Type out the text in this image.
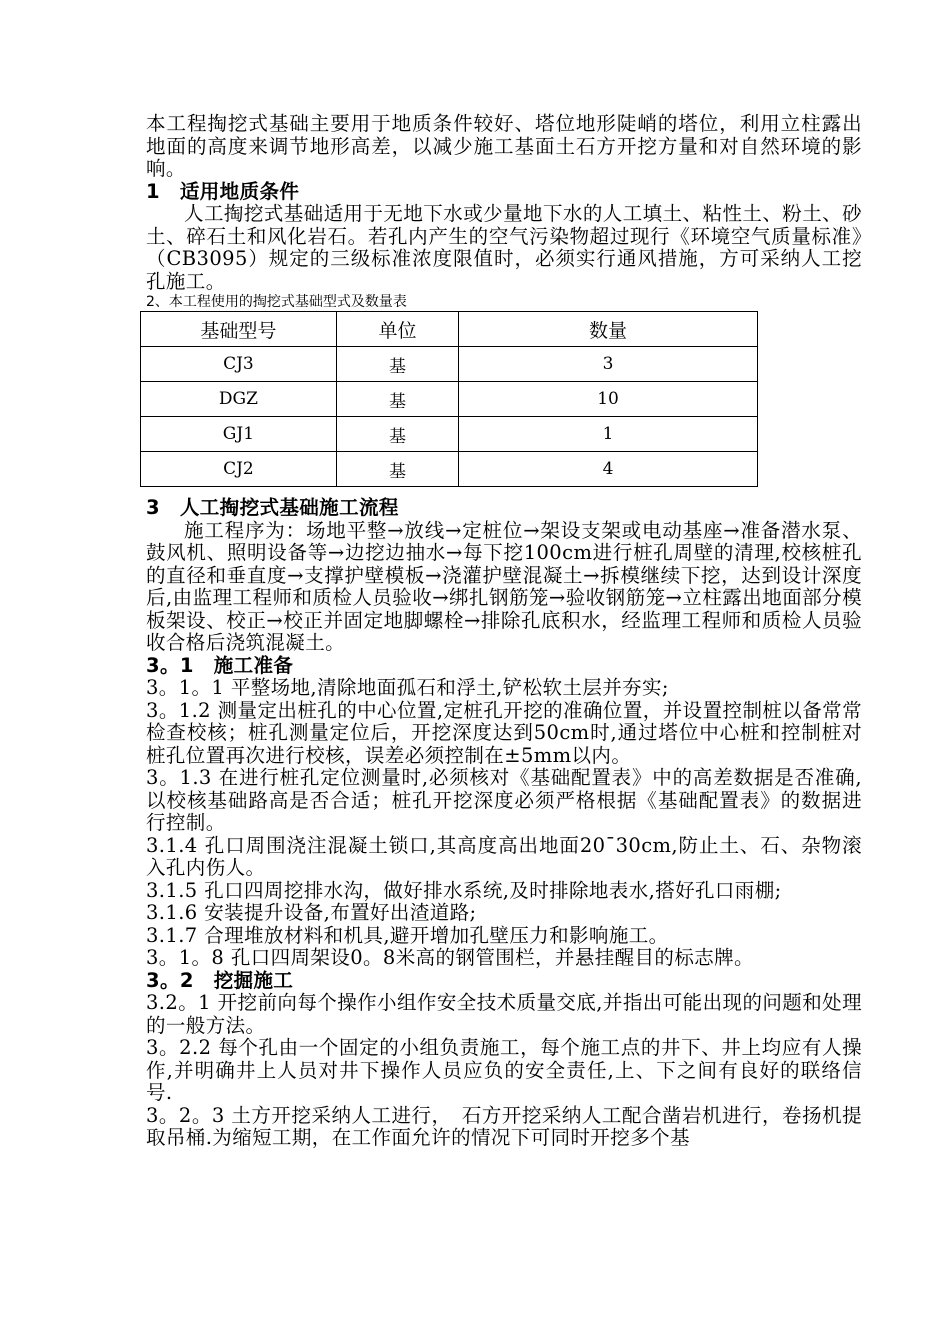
本工程掏挖式基础主要用于地质条件较好、塔位地形陡峭的塔位，利用立柱露出地面的高度来调节地形高差，以减少施工基面土石方开挖方量和对自然环境的影响。

1　适用地质条件

人工掏挖式基础适用于无地下水或少量地下水的人工填土、粘性土、粉土、砂土、碎石土和风化岩石。若孔内产生的空气污染物超过现行《环境空气质量标准》（CB3095）规定的三级标准浓度限值时，必须实行通风措施，方可采纳人工挖孔施工。

2、本工程使用的掏挖式基础型式及数量表

基础型号	单位	数量
CJ3	基	3
DGZ	基	10
GJ1	基	1
CJ2	基	4

3　人工掏挖式基础施工流程

施工程序为：场地平整→放线→定桩位→架设支架或电动基座→准备潜水泵、鼓风机、照明设备等→边挖边抽水→每下挖100cm进行桩孔周壁的清理,校核桩孔的直径和垂直度→支撑护壁模板→浇灌护壁混凝土→拆模继续下挖，达到设计深度后,由监理工程师和质检人员验收→绑扎钢筋笼→验收钢筋笼→立柱露出地面部分模板架设、校正→校正并固定地脚螺栓→排除孔底积水，经监理工程师和质检人员验收合格后浇筑混凝土。

3。1　施工准备

3。1。1 平整场地,清除地面孤石和浮土,铲松软土层并夯实;

3。1.2 测量定出桩孔的中心位置,定桩孔开挖的准确位置，并设置控制桩以备常常检查校核；桩孔测量定位后，开挖深度达到50cm时,通过塔位中心桩和控制桩对桩孔位置再次进行校核，误差必须控制在±5mm以内。

3。1.3 在进行桩孔定位测量时,必须核对《基础配置表》中的高差数据是否准确,以校核基础路高是否合适；桩孔开挖深度必须严格根据《基础配置表》的数据进行控制。

3.1.4 孔口周围浇注混凝土锁口,其高度高出地面20¯30cm,防止土、石、杂物滚入孔内伤人。

3.1.5 孔口四周挖排水沟，做好排水系统,及时排除地表水,搭好孔口雨棚;

3.1.6 安装提升设备,布置好出渣道路;

3.1.7 合理堆放材料和机具,避开增加孔壁压力和影响施工。

3。1。8 孔口四周架设0。8米高的钢管围栏，并悬挂醒目的标志牌。

3。2　挖掘施工

3.2。1 开挖前向每个操作小组作安全技术质量交底,并指出可能出现的问题和处理的一般方法。

3。2.2 每个孔由一个固定的小组负责施工，每个施工点的井下、井上均应有人操作,并明确井上人员对井下操作人员应负的安全责任,上、下之间有良好的联络信号.

3。2。3 土方开挖采纳人工进行，　石方开挖采纳人工配合凿岩机进行，卷扬机提取吊桶.为缩短工期，在工作面允许的情况下可同时开挖多个基
